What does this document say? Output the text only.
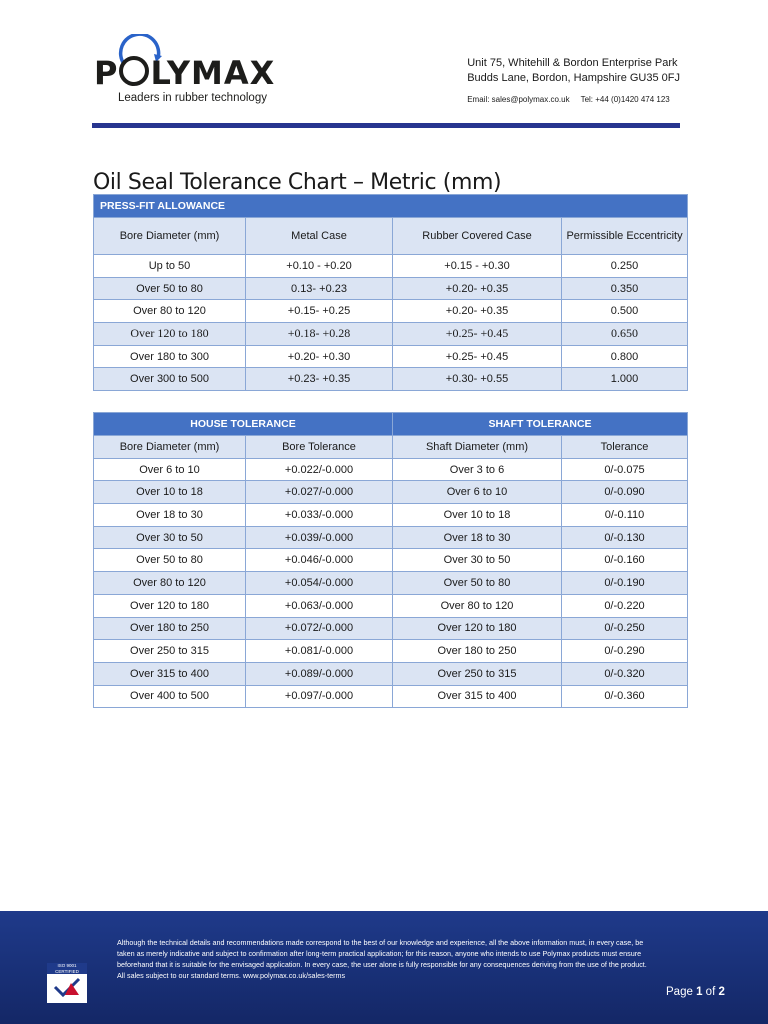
P LYMAX
Leaders in rubber technology
Unit 75, Whitehill & Bordon Enterprise Park
Budds Lane, Bordon, Hampshire GU35 0FJ
Email: sales@polymax.co.uk Tel: +44 (0)1420 474 123
Oil Seal Tolerance Chart – Metric (mm)
PRESS-FIT ALLOWANCE			
Bore Diameter (mm)	Metal Case	Rubber Covered Case	Permissible Eccentricity
Up to 50	+0.10 - +0.20	+0.15 - +0.30	0.250
Over 50 to 80	0.13- +0.23	+0.20- +0.35	0.350
Over 80 to 120	+0.15- +0.25	+0.20- +0.35	0.500
Over 120 to 180	+0.18- +0.28	+0.25- +0.45	0.650
Over 180 to 300	+0.20- +0.30	+0.25- +0.45	0.800
Over 300 to 500	+0.23- +0.35	+0.30- +0.55	1.000
HOUSE TOLERANCE		SHAFT TOLERANCE	
Bore Diameter (mm)	Bore Tolerance	Shaft Diameter (mm)	Tolerance
Over 6 to 10	+0.022/-0.000	Over 3 to 6	0/-0.075
Over 10 to 18	+0.027/-0.000	Over 6 to 10	0/-0.090
Over 18 to 30	+0.033/-0.000	Over 10 to 18	0/-0.110
Over 30 to 50	+0.039/-0.000	Over 18 to 30	0/-0.130
Over 50 to 80	+0.046/-0.000	Over 30 to 50	0/-0.160
Over 80 to 120	+0.054/-0.000	Over 50 to 80	0/-0.190
Over 120 to 180	+0.063/-0.000	Over 80 to 120	0/-0.220
Over 180 to 250	+0.072/-0.000	Over 120 to 180	0/-0.250
Over 250 to 315	+0.081/-0.000	Over 180 to 250	0/-0.290
Over 315 to 400	+0.089/-0.000	Over 250 to 315	0/-0.320
Over 400 to 500	+0.097/-0.000	Over 315 to 400	0/-0.360
ISO 9001 CERTIFIED
Although the technical details and recommendations made correspond to the best of our knowledge and experience, all the above information must, in every case, be taken as merely indicative and subject to confirmation after long-term practical application; for this reason, anyone who intends to use Polymax products must ensure beforehand that it is suitable for the envisaged application. In every case, the user alone is fully responsible for any consequences deriving from the use of the product. All sales subject to our standard terms. www.polymax.co.uk/sales-terms
Page 1 of 2
